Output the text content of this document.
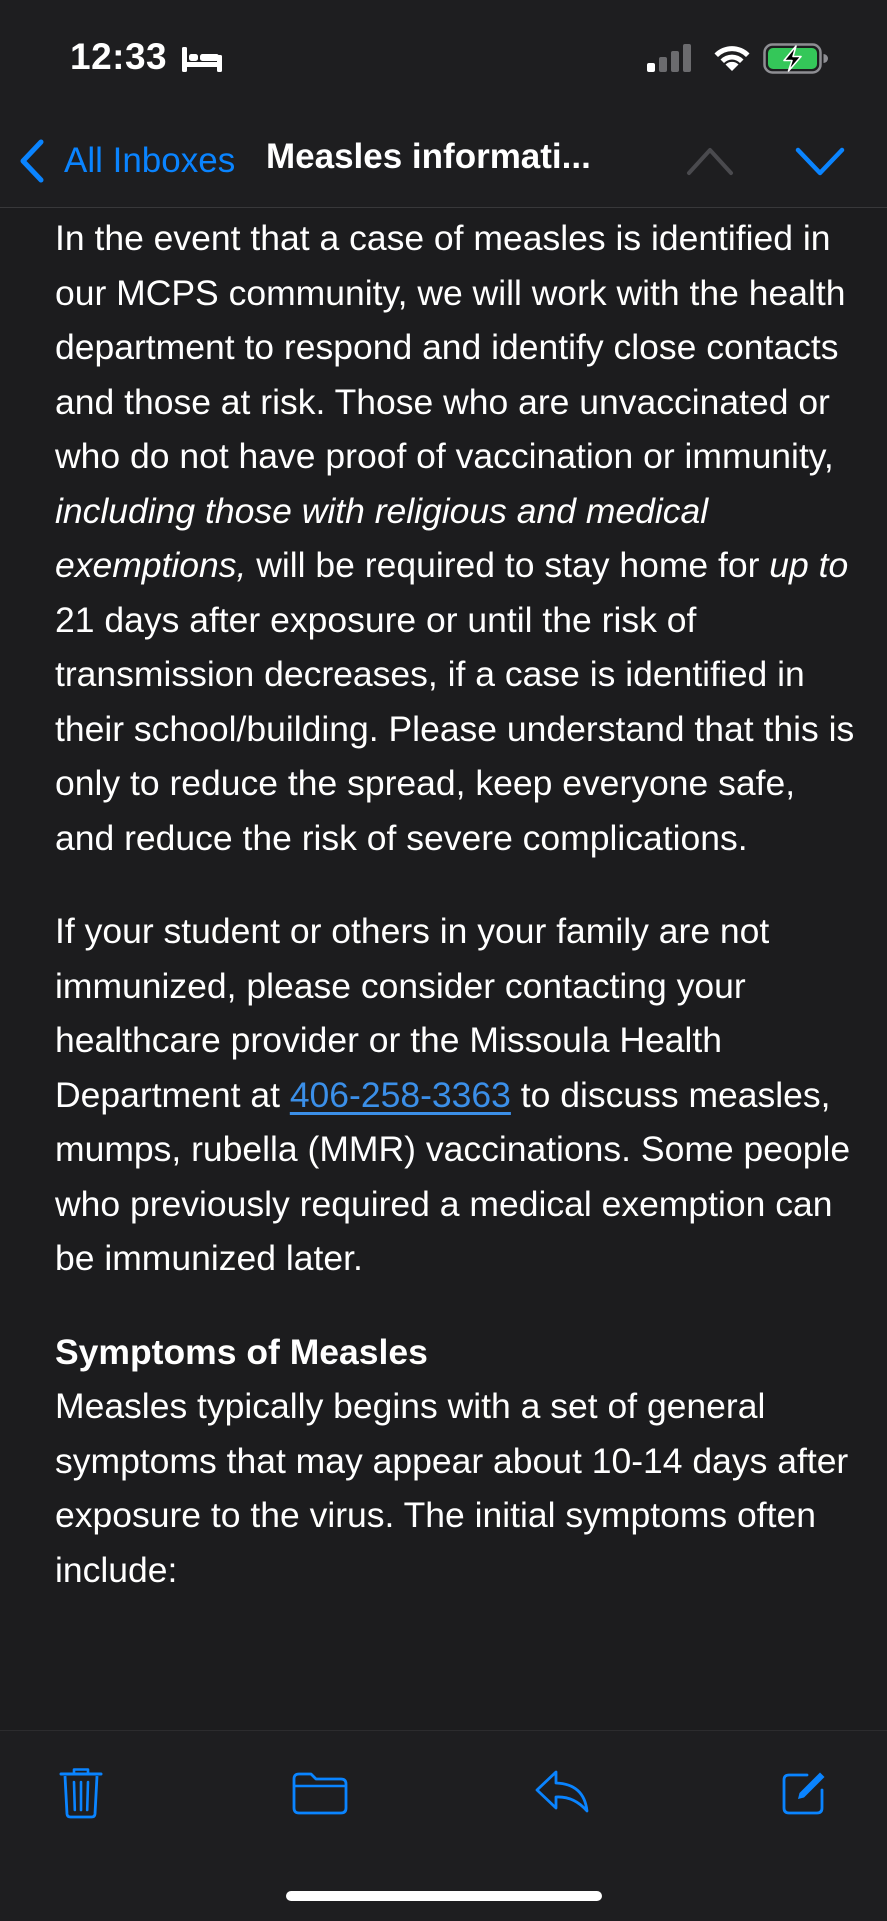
12:33
All Inboxes Measles informati...

In the event that a case of measles is identified in our MCPS community, we will work with the health department to respond and identify close contacts and those at risk. Those who are unvaccinated or who do not have proof of vaccination or immunity, including those with religious and medical exemptions, will be required to stay home for up to 21 days after exposure or until the risk of transmission decreases, if a case is identified in their school/building. Please understand that this is only to reduce the spread, keep everyone safe, and reduce the risk of severe complications.

If your student or others in your family are not immunized, please consider contacting your healthcare provider or the Missoula Health Department at 406-258-3363 to discuss measles, mumps, rubella (MMR) vaccinations. Some people who previously required a medical exemption can be immunized later.

Symptoms of Measles

Measles typically begins with a set of general symptoms that may appear about 10-14 days after exposure to the virus. The initial symptoms often include:
